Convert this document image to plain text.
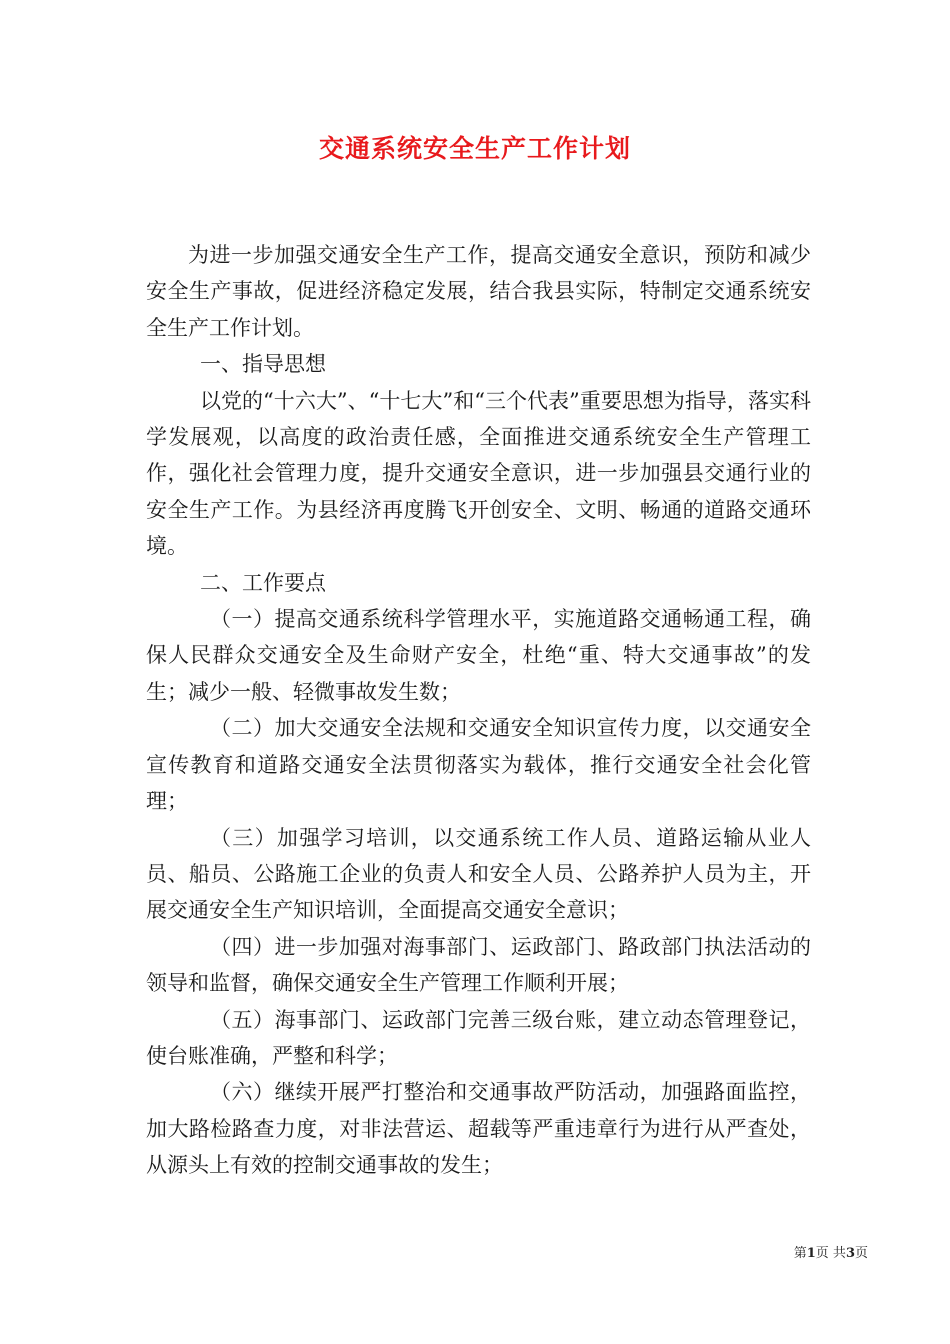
交通系统安全生产工作计划

为进一步加强交通安全生产工作，提高交通安全意识，预防和减少安全生产事故，促进经济稳定发展，结合我县实际，特制定交通系统安全生产工作计划。

一、指导思想

以党的“十六大”、“十七大”和“三个代表”重要思想为指导，落实科学发展观，以高度的政治责任感，全面推进交通系统安全生产管理工作，强化社会管理力度，提升交通安全意识，进一步加强县交通行业的安全生产工作。为县经济再度腾飞开创安全、文明、畅通的道路交通环境。

二、工作要点

（一）提高交通系统科学管理水平，实施道路交通畅通工程，确保人民群众交通安全及生命财产安全，杜绝“重、特大交通事故”的发生；减少一般、轻微事故发生数；

（二）加大交通安全法规和交通安全知识宣传力度，以交通安全宣传教育和道路交通安全法贯彻落实为载体，推行交通安全社会化管理；

（三）加强学习培训，以交通系统工作人员、道路运输从业人员、船员、公路施工企业的负责人和安全人员、公路养护人员为主，开展交通安全生产知识培训，全面提高交通安全意识；

（四）进一步加强对海事部门、运政部门、路政部门执法活动的领导和监督，确保交通安全生产管理工作顺利开展；

（五）海事部门、运政部门完善三级台账，建立动态管理登记，使台账准确，严整和科学；

（六）继续开展严打整治和交通事故严防活动，加强路面监控，加大路检路查力度，对非法营运、超载等严重违章行为进行从严查处，从源头上有效的控制交通事故的发生；

第1页 共3页
